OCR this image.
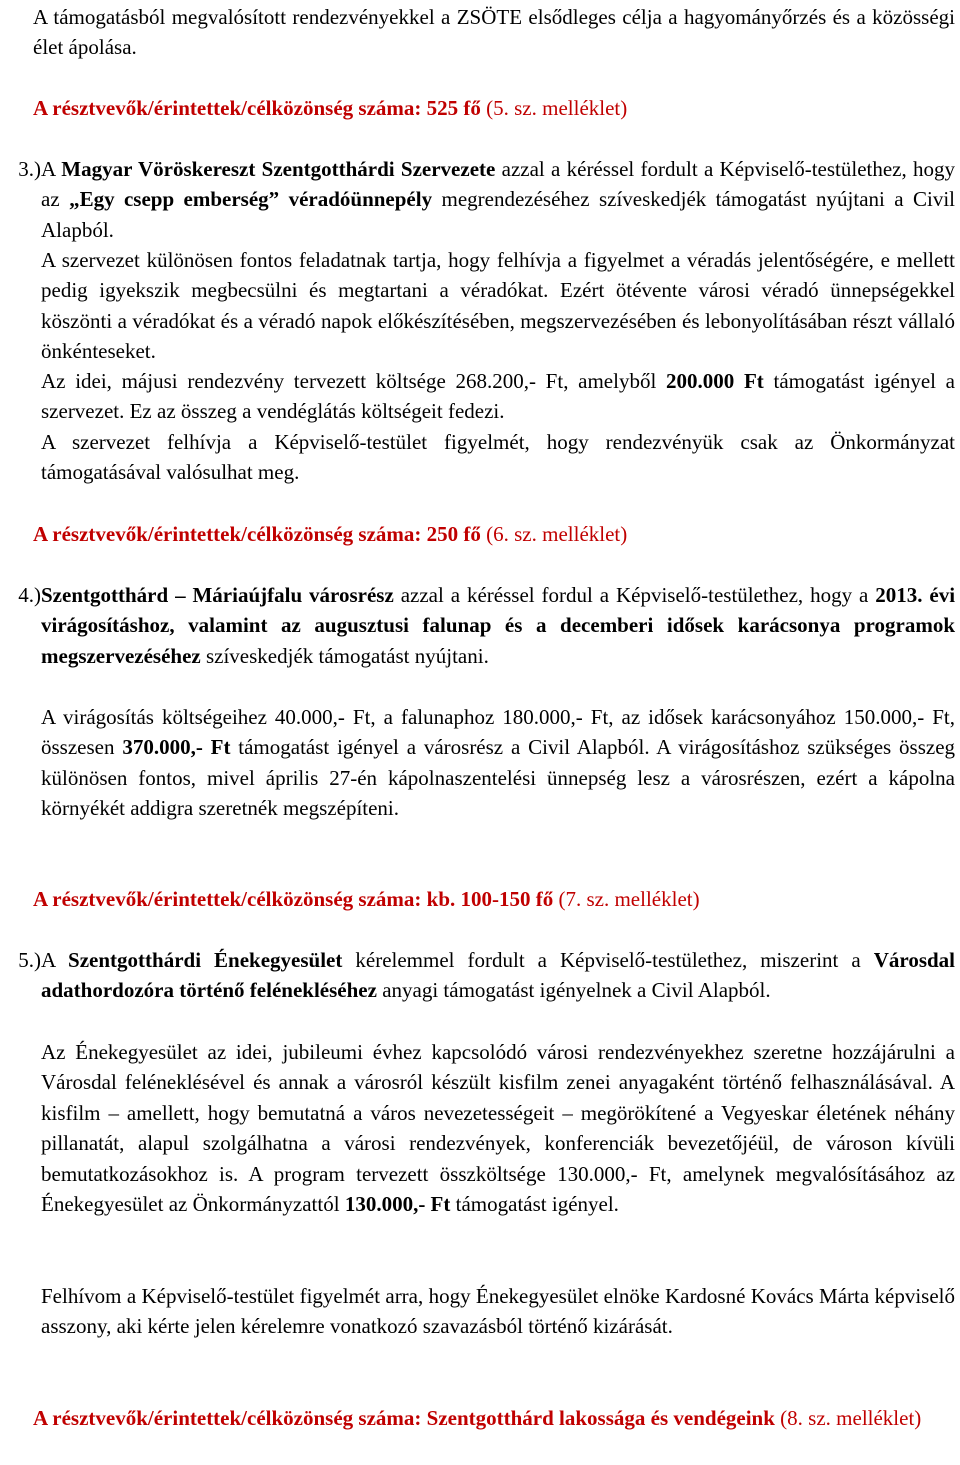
A támogatásból megvalósított rendezvényekkel a ZSÖTE elsődleges célja a hagyományőrzés és a közösségi élet ápolása.

A résztvevők/érintettek/célközönség száma: 525 fő (5. sz. melléklet)

3.) A Magyar Vöröskereszt Szentgotthárdi Szervezete azzal a kéréssel fordult a Képviselő-testülethez, hogy az „Egy csepp emberség” véradóünnepély megrendezéséhez szíveskedjék támogatást nyújtani a Civil Alapból.

A szervezet különösen fontos feladatnak tartja, hogy felhívja a figyelmet a véradás jelentőségére, e mellett pedig igyekszik megbecsülni és megtartani a véradókat. Ezért ötévente városi véradó ünnepségekkel köszönti a véradókat és a véradó napok előkészítésében, megszervezésében és lebonyolításában részt vállaló önkénteseket.

Az idei, májusi rendezvény tervezett költsége 268.200,- Ft, amelyből 200.000 Ft támogatást igényel a szervezet. Ez az összeg a vendéglátás költségeit fedezi.

A szervezet felhívja a Képviselő-testület figyelmét, hogy rendezvényük csak az Önkormányzat támogatásával valósulhat meg.

A résztvevők/érintettek/célközönség száma: 250 fő (6. sz. melléklet)

4.) Szentgotthárd – Máriaújfalu városrész azzal a kéréssel fordul a Képviselő-testülethez, hogy a 2013. évi virágosításhoz, valamint az augusztusi falunap és a decemberi idősek karácsonya programok megszervezéséhez szíveskedjék támogatást nyújtani.

A virágosítás költségeihez 40.000,- Ft, a falunaphoz 180.000,- Ft, az idősek karácsonyához 150.000,- Ft, összesen 370.000,- Ft támogatást igényel a városrész a Civil Alapból. A virágosításhoz szükséges összeg különösen fontos, mivel április 27-én kápolnaszentelési ünnepség lesz a városrészen, ezért a kápolna környékét addigra szeretnék megszépíteni.

A résztvevők/érintettek/célközönség száma: kb. 100-150 fő (7. sz. melléklet)

5.) A Szentgotthárdi Énekegyesület kérelemmel fordult a Képviselő-testülethez, miszerint a Városdal adathordozóra történő felénekléséhez anyagi támogatást igényelnek a Civil Alapból.

Az Énekegyesület az idei, jubileumi évhez kapcsolódó városi rendezvényekhez szeretne hozzájárulni a Városdal feléneklésével és annak a városról készült kisfilm zenei anyagaként történő felhasználásával. A kisfilm – amellett, hogy bemutatná a város nevezetességeit – megörökítené a Vegyeskar életének néhány pillanatát, alapul szolgálhatna a városi rendezvények, konferenciák bevezetőjéül, de városon kívüli bemutatkozásokhoz is. A program tervezett összköltsége 130.000,- Ft, amelynek megvalósításához az Énekegyesület az Önkormányzattól 130.000,- Ft támogatást igényel.

Felhívom a Képviselő-testület figyelmét arra, hogy Énekegyesület elnöke Kardosné Kovács Márta képviselő asszony, aki kérte jelen kérelemre vonatkozó szavazásból történő kizárását.

A résztvevők/érintettek/célközönség száma: Szentgotthárd lakossága és vendégeink (8. sz. melléklet)
